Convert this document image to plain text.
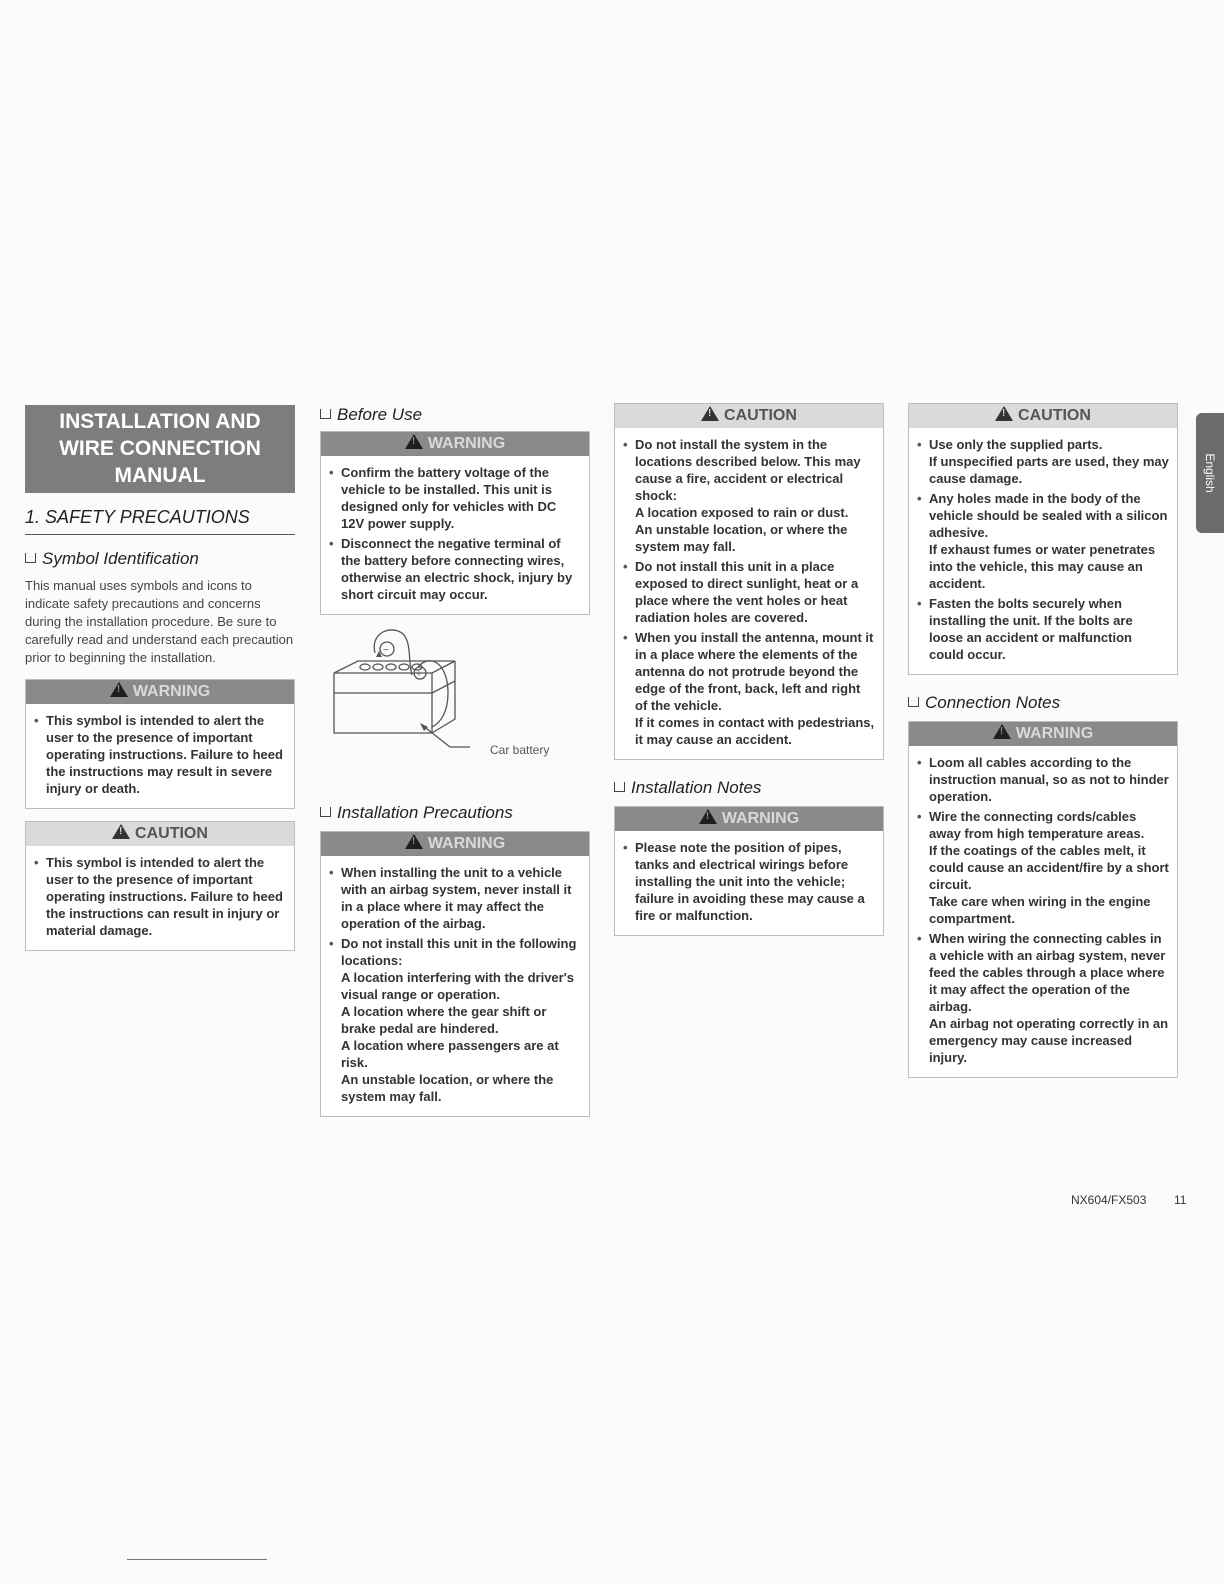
INSTALLATION AND WIRE CONNECTION MANUAL
1. SAFETY PRECAUTIONS
Symbol Identification

This manual uses symbols and icons to indicate safety precautions and concerns during the installation procedure. Be sure to carefully read and understand each precaution prior to beginning the installation.

!WARNING
• This symbol is intended to alert the user to the presence of important operating instructions. Failure to heed the instructions may result in severe injury or death.
!CAUTION
• This symbol is intended to alert the user to the presence of important operating instructions. Failure to heed the instructions can result in injury or material damage.
Before Use
!WARNING
• Confirm the battery voltage of the vehicle to be installed. This unit is designed only for vehicles with DC 12V power supply.
• Disconnect the negative terminal of the battery before connecting wires, otherwise an electric shock, injury by short circuit may occur.
−
+
Car battery
Installation Precautions
!WARNING
• When installing the unit to a vehicle with an airbag system, never install it in a place where it may affect the operation of the airbag.
• Do not install this unit in the following locations:
A location interfering with the driver's visual range or operation.
A location where the gear shift or brake pedal are hindered.
A location where passengers are at risk.
An unstable location, or where the system may fall.
!CAUTION
• Do not install the system in the locations described below. This may cause a fire, accident or electrical shock:
A location exposed to rain or dust.
An unstable location, or where the system may fall.
• Do not install this unit in a place exposed to direct sunlight, heat or a place where the vent holes or heat radiation holes are covered.
• When you install the antenna, mount it in a place where the elements of the antenna do not protrude beyond the edge of the front, back, left and right of the vehicle.
If it comes in contact with pedestrians, it may cause an accident.
Installation Notes
!WARNING
• Please note the position of pipes, tanks and electrical wirings before installing the unit into the vehicle; failure in avoiding these may cause a fire or malfunction.
!CAUTION
• Use only the supplied parts.
If unspecified parts are used, they may cause damage.
• Any holes made in the body of the vehicle should be sealed with a silicon adhesive.
If exhaust fumes or water penetrates into the vehicle, this may cause an accident.
• Fasten the bolts securely when installing the unit. If the bolts are loose an accident or malfunction could occur.
Connection Notes
!WARNING
• Loom all cables according to the instruction manual, so as not to hinder operation.
• Wire the connecting cords/cables away from high temperature areas.
If the coatings of the cables melt, it could cause an accident/fire by a short circuit.
Take care when wiring in the engine compartment.
• When wiring the connecting cables in a vehicle with an airbag system, never feed the cables through a place where it may affect the operation of the airbag.
An airbag not operating correctly in an emergency may cause increased injury.
English
NX604/FX503 11
